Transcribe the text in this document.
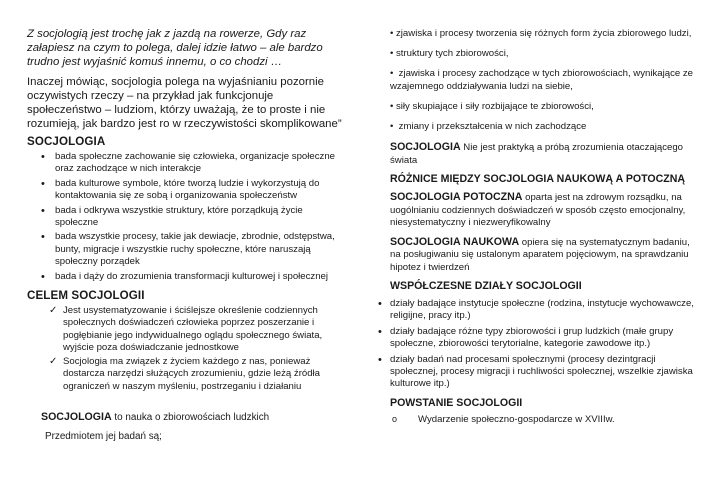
Z socjologią jest trochę jak z jazdą na rowerze, Gdy raz załapiesz na czym to polega, dalej idzie łatwo – ale bardzo trudno jest wyjaśnić komuś innemu, o co chodzi …

Inaczej mówiąc, socjologia polega na wyjaśnianiu pozornie oczywistych rzeczy – na przykład jak funkcjonuje społeczeństwo – ludziom, którzy uważają, że to proste i nie rozumieją, jak bardzo jest ro w rzeczywistości skomplikowane”

SOCJOLOGIA
• bada społeczne zachowanie się człowieka, organizacje społeczne oraz zachodzące w nich interakcje
• bada kulturowe symbole, które tworzą ludzie i wykorzystują do kontaktowania się ze sobą i organizowania społeczeństw
• bada i odkrywa wszystkie struktury, które porządkują życie społeczne
• bada wszystkie procesy, takie jak dewiacje, zbrodnie, odstępstwa, bunty, migracje i wszystkie ruchy społeczne, które naruszają społeczny porządek
• bada i dąży do zrozumienia transformacji kulturowej i społecznej
CELEM SOCJOLOGII
✓ Jest usystematyzowanie i ściślejsze określenie codziennych społecznych doświadczeń człowieka poprzez poszerzanie i pogłębianie jego indywidualnego oglądu społecznego świata, wyjście poza doświadczanie jednostkowe
✓ Socjologia ma związek z życiem każdego z nas, ponieważ dostarcza narzędzi służących zrozumieniu, gdzie leżą źródła ograniczeń w naszym myśleniu, postrzeganiu i działaniu

SOCJOLOGIA to nauka o zbiorowościach ludzkich

Przedmiotem jej badań są;

• zjawiska i procesy tworzenia się różnych form życia zbiorowego ludzi,
• struktury tych zbiorowości,
• zjawiska i procesy zachodzące w tych zbiorowościach, wynikające ze wzajemnego oddziaływania ludzi na siebie,
• siły skupiające i siły rozbijające te zbiorowości,
• zmiany i przekształcenia w nich zachodzące

SOCJOLOGIA Nie jest praktyką a próbą zrozumienia otaczającego świata

RÓŻNICE MIĘDZY SOCJOLOGIA NAUKOWĄ A POTOCZNĄ

SOCJOLOGIA POTOCZNA oparta jest na zdrowym rozsądku, na uogólnianiu codziennych doświadczeń w sposób często emocjonalny, niesystematyczny i niezweryfikowalny

SOCJOLOGIA NAUKOWA opiera się na systematycznym badaniu, na posługiwaniu się ustalonym aparatem pojęciowym, na sprawdzaniu hipotez i twierdzeń

WSPÓŁCZESNE DZIAŁY SOCJOLOGII
• działy badające instytucje społeczne (rodzina, instytucje wychowawcze, religijne, pracy itp.)
• działy badające różne typy zbiorowości i grup ludzkich (małe grupy społeczne, zbiorowości terytorialne, kategorie zawodowe itp.)
• działy badań nad procesami społecznymi (procesy dezintgracji społecznej, procesy migracji i ruchliwości społecznej, wszelkie zjawiska kulturowe itp.)
POWSTANIE SOCJOLOGII
o Wydarzenie społeczno-gospodarcze w XVIIIw.
